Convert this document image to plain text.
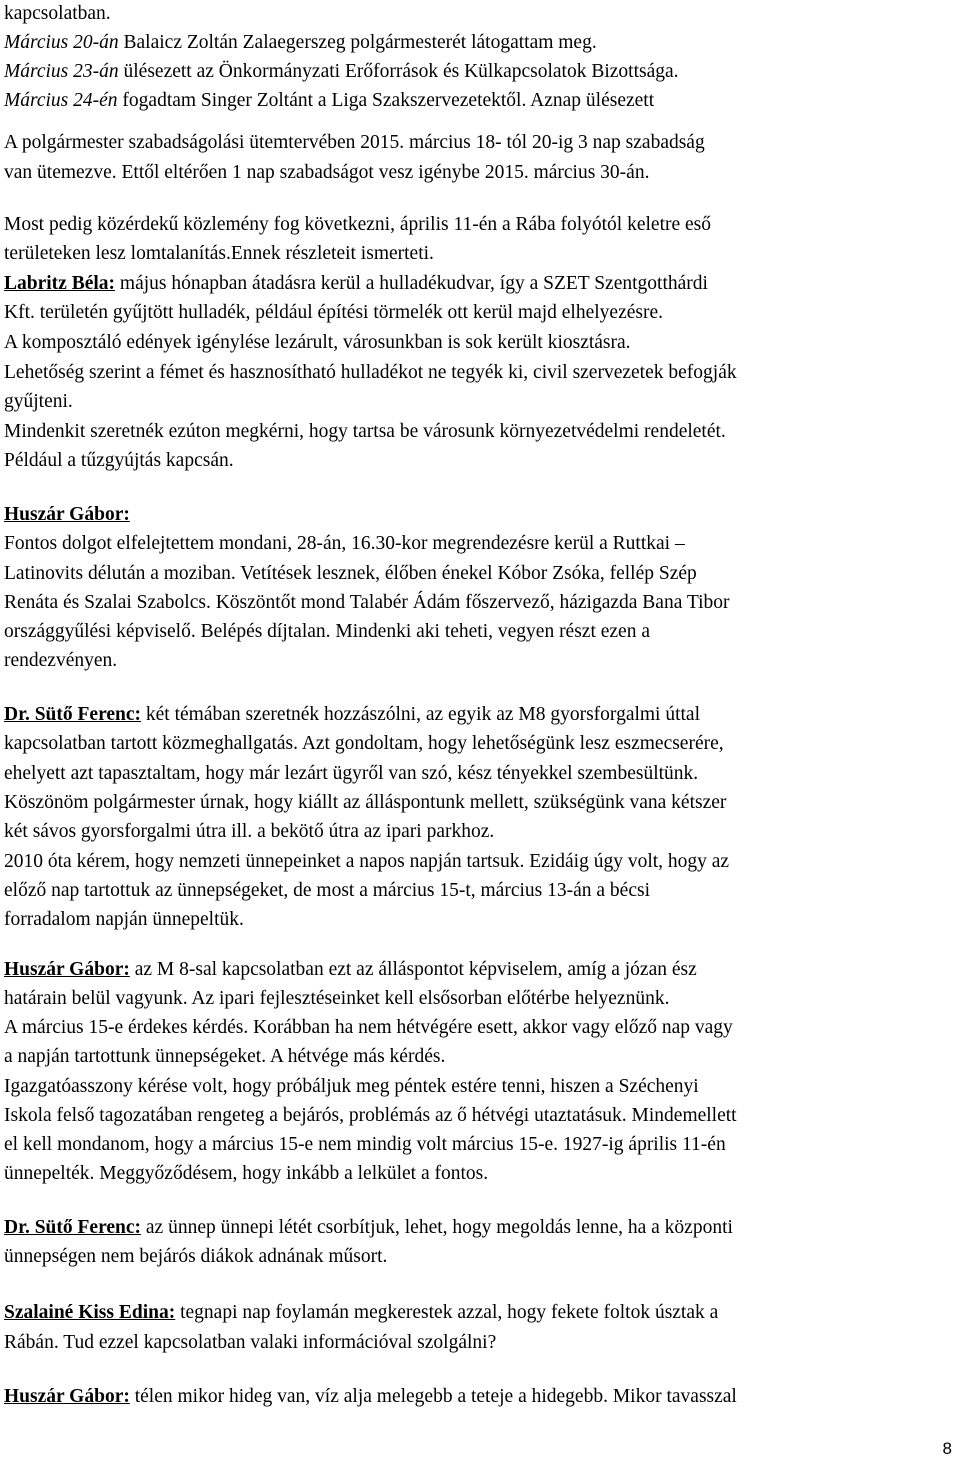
kapcsolatban.
Március 20-án Balaicz Zoltán Zalaegerszeg polgármesterét látogattam meg.
Március 23-án ülésezett az Önkormányzati Erőforrások és Külkapcsolatok Bizottsága.
Március 24-én fogadtam Singer Zoltánt a Liga Szakszervezetektől. Aznap ülésezett
A polgármester szabadságolási ütemtervében 2015. március 18- tól 20-ig 3 nap szabadság
van ütemezve. Ettől eltérően 1 nap szabadságot vesz igénybe 2015. március 30-án.
Most pedig közérdekű közlemény fog következni, április 11-én a Rába folyótól keletre eső
területeken lesz lomtalanítás.Ennek részleteit ismerteti.
Labritz Béla: május hónapban átadásra kerül a hulladékudvar, így a SZET Szentgotthárdi
Kft. területén gyűjtött hulladék, például építési törmelék ott kerül majd elhelyezésre.
A komposztáló edények igénylése lezárult, városunkban is sok került kiosztásra.
Lehetőség szerint a fémet és hasznosítható hulladékot ne tegyék ki, civil szervezetek befogják
gyűjteni.
Mindenkit szeretnék ezúton megkérni, hogy tartsa be városunk környezetvédelmi rendeletét.
Például a tűzgyújtás kapcsán.
Huszár Gábor:
Fontos dolgot elfelejtettem mondani, 28-án, 16.30-kor megrendezésre kerül a Ruttkai –
Latinovits délután a moziban. Vetítések lesznek, élőben énekel Kóbor Zsóka, fellép Szép
Renáta és Szalai Szabolcs. Köszöntőt mond Talabér Ádám főszervező, házigazda Bana Tibor
országgyűlési képviselő. Belépés díjtalan. Mindenki aki teheti, vegyen részt ezen a
rendezvényen.
Dr. Sütő Ferenc: két témában szeretnék hozzászólni, az egyik az M8 gyorsforgalmi úttal
kapcsolatban tartott közmeghallgatás. Azt gondoltam, hogy lehetőségünk lesz eszmecserére,
ehelyett azt tapasztaltam, hogy már lezárt ügyről van szó, kész tényekkel szembesültünk.
Köszönöm polgármester úrnak, hogy kiállt az álláspontunk mellett, szükségünk vana kétszer
két sávos gyorsforgalmi útra ill. a bekötő útra az ipari parkhoz.
2010 óta kérem, hogy nemzeti ünnepeinket a napos napján tartsuk. Ezidáig úgy volt, hogy az
előző nap tartottuk az ünnepségeket, de most a március 15-t, március 13-án a bécsi
forradalom napján ünnepeltük.
Huszár Gábor: az M 8-sal kapcsolatban ezt az álláspontot képviselem, amíg a józan ész
határain belül vagyunk. Az ipari fejlesztéseinket kell elsősorban előtérbe helyeznünk.
A március 15-e érdekes kérdés. Korábban ha nem hétvégére esett, akkor vagy előző nap vagy
a napján tartottunk ünnepségeket. A hétvége más kérdés.
Igazgatóasszony kérése volt, hogy próbáljuk meg péntek estére tenni, hiszen a Széchenyi
Iskola felső tagozatában rengeteg a bejárós, problémás az ő hétvégi utaztatásuk. Mindemellett
el kell mondanom, hogy a március 15-e nem mindig volt március 15-e. 1927-ig április 11-én
ünnepelték. Meggyőződésem, hogy inkább a lelkület a fontos.
Dr. Sütő Ferenc: az ünnep ünnepi létét csorbítjuk, lehet, hogy megoldás lenne, ha a központi
ünnepségen nem bejárós diákok adnának műsort.
Szalainé Kiss Edina: tegnapi nap foylamán megkerestek azzal, hogy fekete foltok úsztak a
Rábán. Tud ezzel kapcsolatban valaki információval szolgálni?
Huszár Gábor: télen mikor hideg van, víz alja melegebb a teteje a hidegebb. Mikor tavasszal
8
